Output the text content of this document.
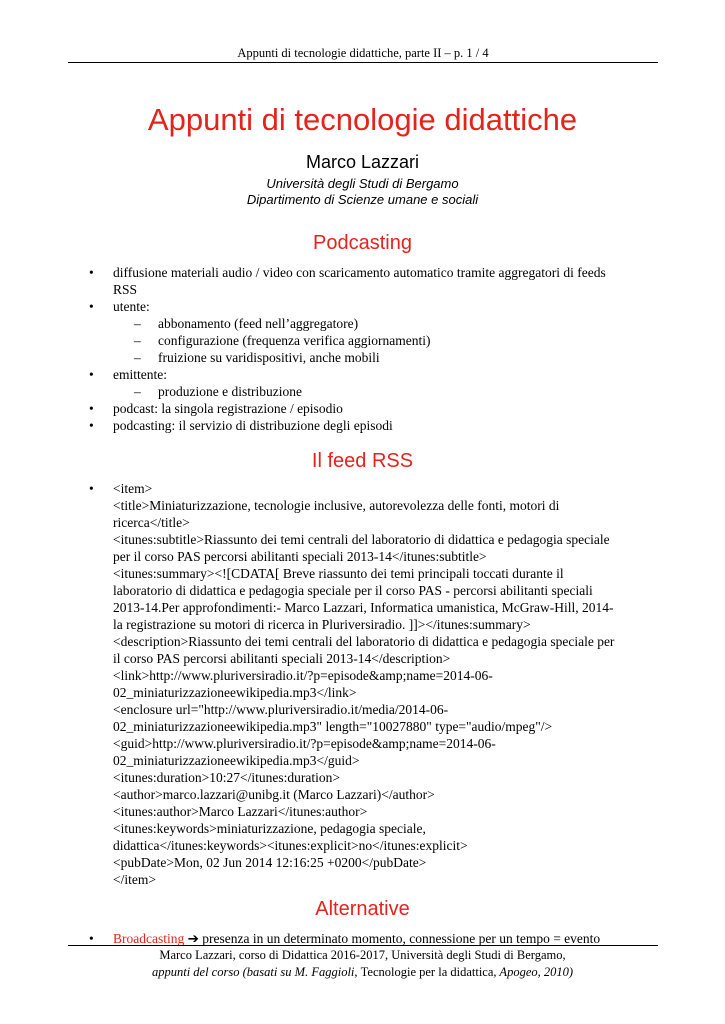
Appunti di tecnologie didattiche, parte II – p. 1 / 4
Appunti di tecnologie didattiche
Marco Lazzari
Università degli Studi di Bergamo
Dipartimento di Scienze umane e sociali
Podcasting
• diffusione materiali audio / video con scaricamento automatico tramite aggregatori di feeds
RSS
• utente:
– abbonamento (feed nell’aggregatore)
– configurazione (frequenza verifica aggiornamenti)
– fruizione su varidispositivi, anche mobili
• emittente:
– produzione e distribuzione
• podcast: la singola registrazione / episodio
• podcasting: il servizio di distribuzione degli episodi
Il feed RSS
• <item>
<title>Miniaturizzazione, tecnologie inclusive, autorevolezza delle fonti, motori di
ricerca</title>
<itunes:subtitle>Riassunto dei temi centrali del laboratorio di didattica e pedagogia speciale
per il corso PAS percorsi abilitanti speciali 2013-14</itunes:subtitle>
<itunes:summary><![CDATA[ Breve riassunto dei temi principali toccati durante il
laboratorio di didattica e pedagogia speciale per il corso PAS - percorsi abilitanti speciali
2013-14.Per approfondimenti:- Marco Lazzari, Informatica umanistica, McGraw-Hill, 2014-
la registrazione su motori di ricerca in Pluriversiradio. ]]></itunes:summary>
<description>Riassunto dei temi centrali del laboratorio di didattica e pedagogia speciale per
il corso PAS percorsi abilitanti speciali 2013-14</description>
<link>http://www.pluriversiradio.it/?p=episode&amp;name=2014-06-
02_miniaturizzazioneewikipedia.mp3</link>
<enclosure url="http://www.pluriversiradio.it/media/2014-06-
02_miniaturizzazioneewikipedia.mp3" length="10027880" type="audio/mpeg"/>
<guid>http://www.pluriversiradio.it/?p=episode&amp;name=2014-06-
02_miniaturizzazioneewikipedia.mp3</guid>
<itunes:duration>10:27</itunes:duration>
<author>marco.lazzari@unibg.it (Marco Lazzari)</author>
<itunes:author>Marco Lazzari</itunes:author>
<itunes:keywords>miniaturizzazione, pedagogia speciale,
didattica</itunes:keywords><itunes:explicit>no</itunes:explicit>
<pubDate>Mon, 02 Jun 2014 12:16:25 +0200</pubDate>
</item>
Alternative
• Broadcasting ➔ presenza in un determinato momento, connessione per un tempo = evento
Marco Lazzari, corso di Didattica 2016-2017, Università degli Studi di Bergamo,
appunti del corso (basati su M. Faggioli, Tecnologie per la didattica, Apogeo, 2010)
